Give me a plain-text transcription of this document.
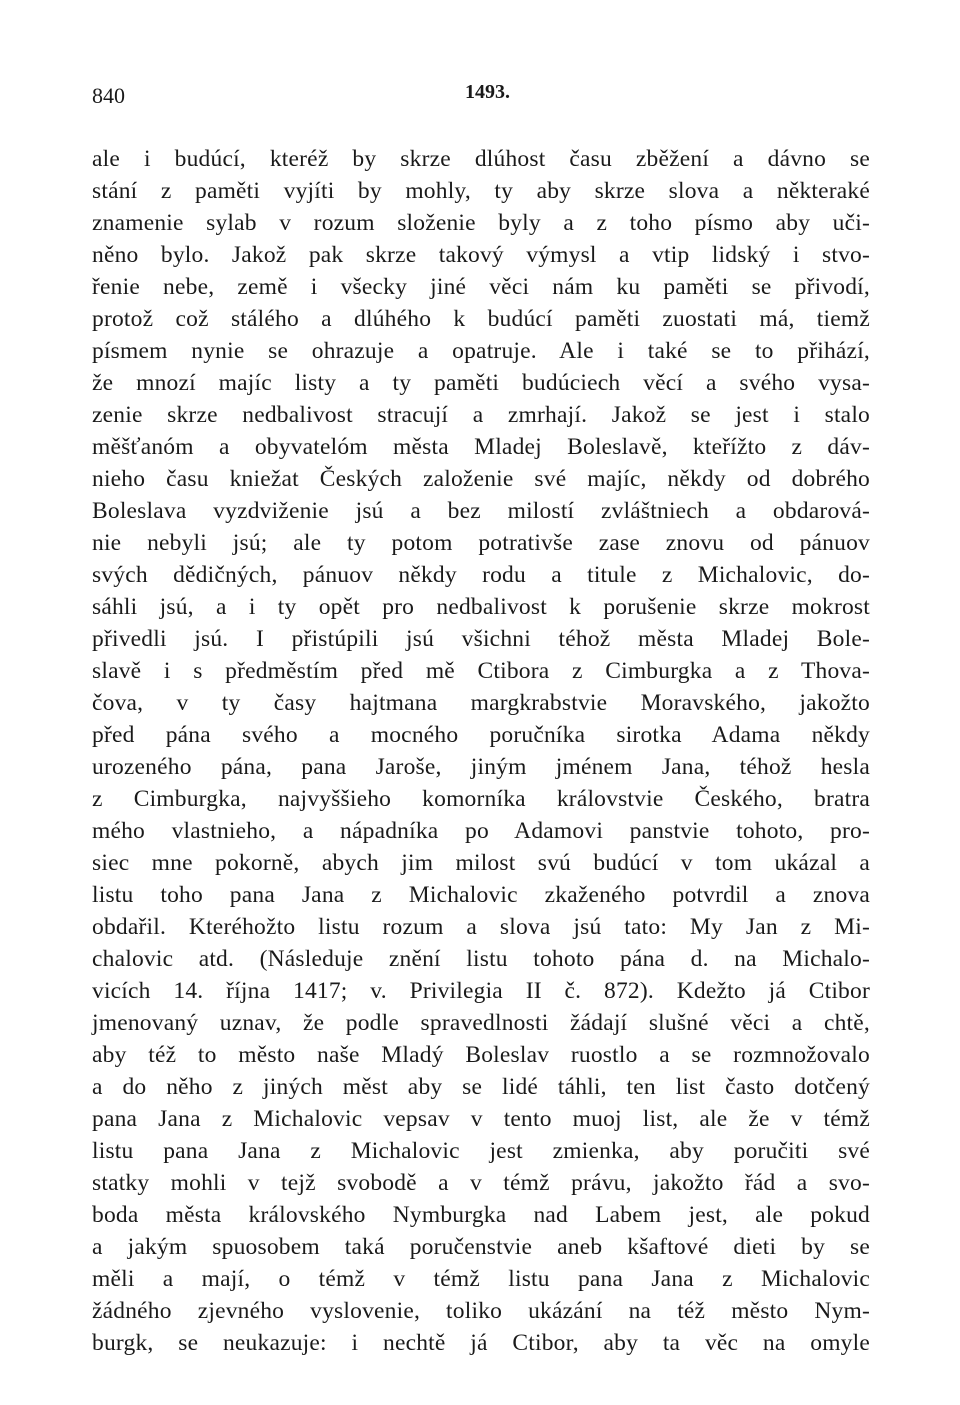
840	1493.
ale i budúcí, kteréž by skrze dlúhost času zběžení a dávno se
stání z paměti vyjíti by mohly, ty aby skrze slova a některaké
znamenie sylab v rozum složenie byly a z toho písmo aby uči-
něno bylo. Jakož pak skrze takový výmysl a vtip lidský i stvo-
řenie nebe, země i všecky jiné věci nám ku paměti se přivodí,
protož což stálého a dlúhého k budúcí paměti zuostati má, tiemž
písmem nynie se ohrazuje a opatruje. Ale i také se to přihází,
že mnozí majíc listy a ty paměti budúciech věcí a svého vysa-
zenie skrze nedbalivost stracují a zmrhají. Jakož se jest i stalo
měšťanóm a obyvatelóm města Mladej Boleslavě, kteřížto z dáv-
nieho času kniežat Českých založenie své majíc, někdy od dobrého
Boleslava vyzdviženie jsú a bez milostí zvláštniech a obdarová-
nie nebyli jsú; ale ty potom potrativše zase znovu od pánuov
svých dědičných, pánuov někdy rodu a titule z Michalovic, do-
sáhli jsú, a i ty opět pro nedbalivost k porušenie skrze mokrost
přivedli jsú. I přistúpili jsú všichni téhož města Mladej Bole-
slavě i s předměstím před mě Ctibora z Cimburgka a z Thova-
čova, v ty časy hajtmana margkrabstvie Moravského, jakožto
před pána svého a mocného poručníka sirotka Adama někdy
urozeného pána, pana Jaroše, jiným jménem Jana, téhož hesla
z Cimburgka, najvyššieho komorníka královstvie Českého, bratra
mého vlastnieho, a nápadníka po Adamovi panstvie tohoto, pro-
siec mne pokorně, abych jim milost svú budúcí v tom ukázal a
listu toho pana Jana z Michalovic zkaženého potvrdil a znova
obdařil. Kteréhožto listu rozum a slova jsú tato: My Jan z Mi-
chalovic atd. (Následuje znění listu tohoto pána d. na Michalo-
vicích 14. října 1417; v. Privilegia II č. 872). Kdežto já Ctibor
jmenovaný uznav, že podle spravedlnosti žádají slušné věci a chtě,
aby též to město naše Mladý Boleslav ruostlo a se rozmnožovalo
a do něho z jiných měst aby se lidé táhli, ten list často dotčený
pana Jana z Michalovic vepsav v tento muoj list, ale že v témž
listu pana Jana z Michalovic jest zmienka, aby poručiti své
statky mohli v tejž svobodě a v témž právu, jakožto řád a svo-
boda města královského Nymburgka nad Labem jest, ale pokud
a jakým spuosobem taká poručenstvie aneb kšaftové dieti by se
měli a mají, o témž v témž listu pana Jana z Michalovic
žádného zjevného vyslovenie, toliko ukázání na též město Nym-
burgk, se neukazuje: i nechtě já Ctibor, aby ta věc na omyle
